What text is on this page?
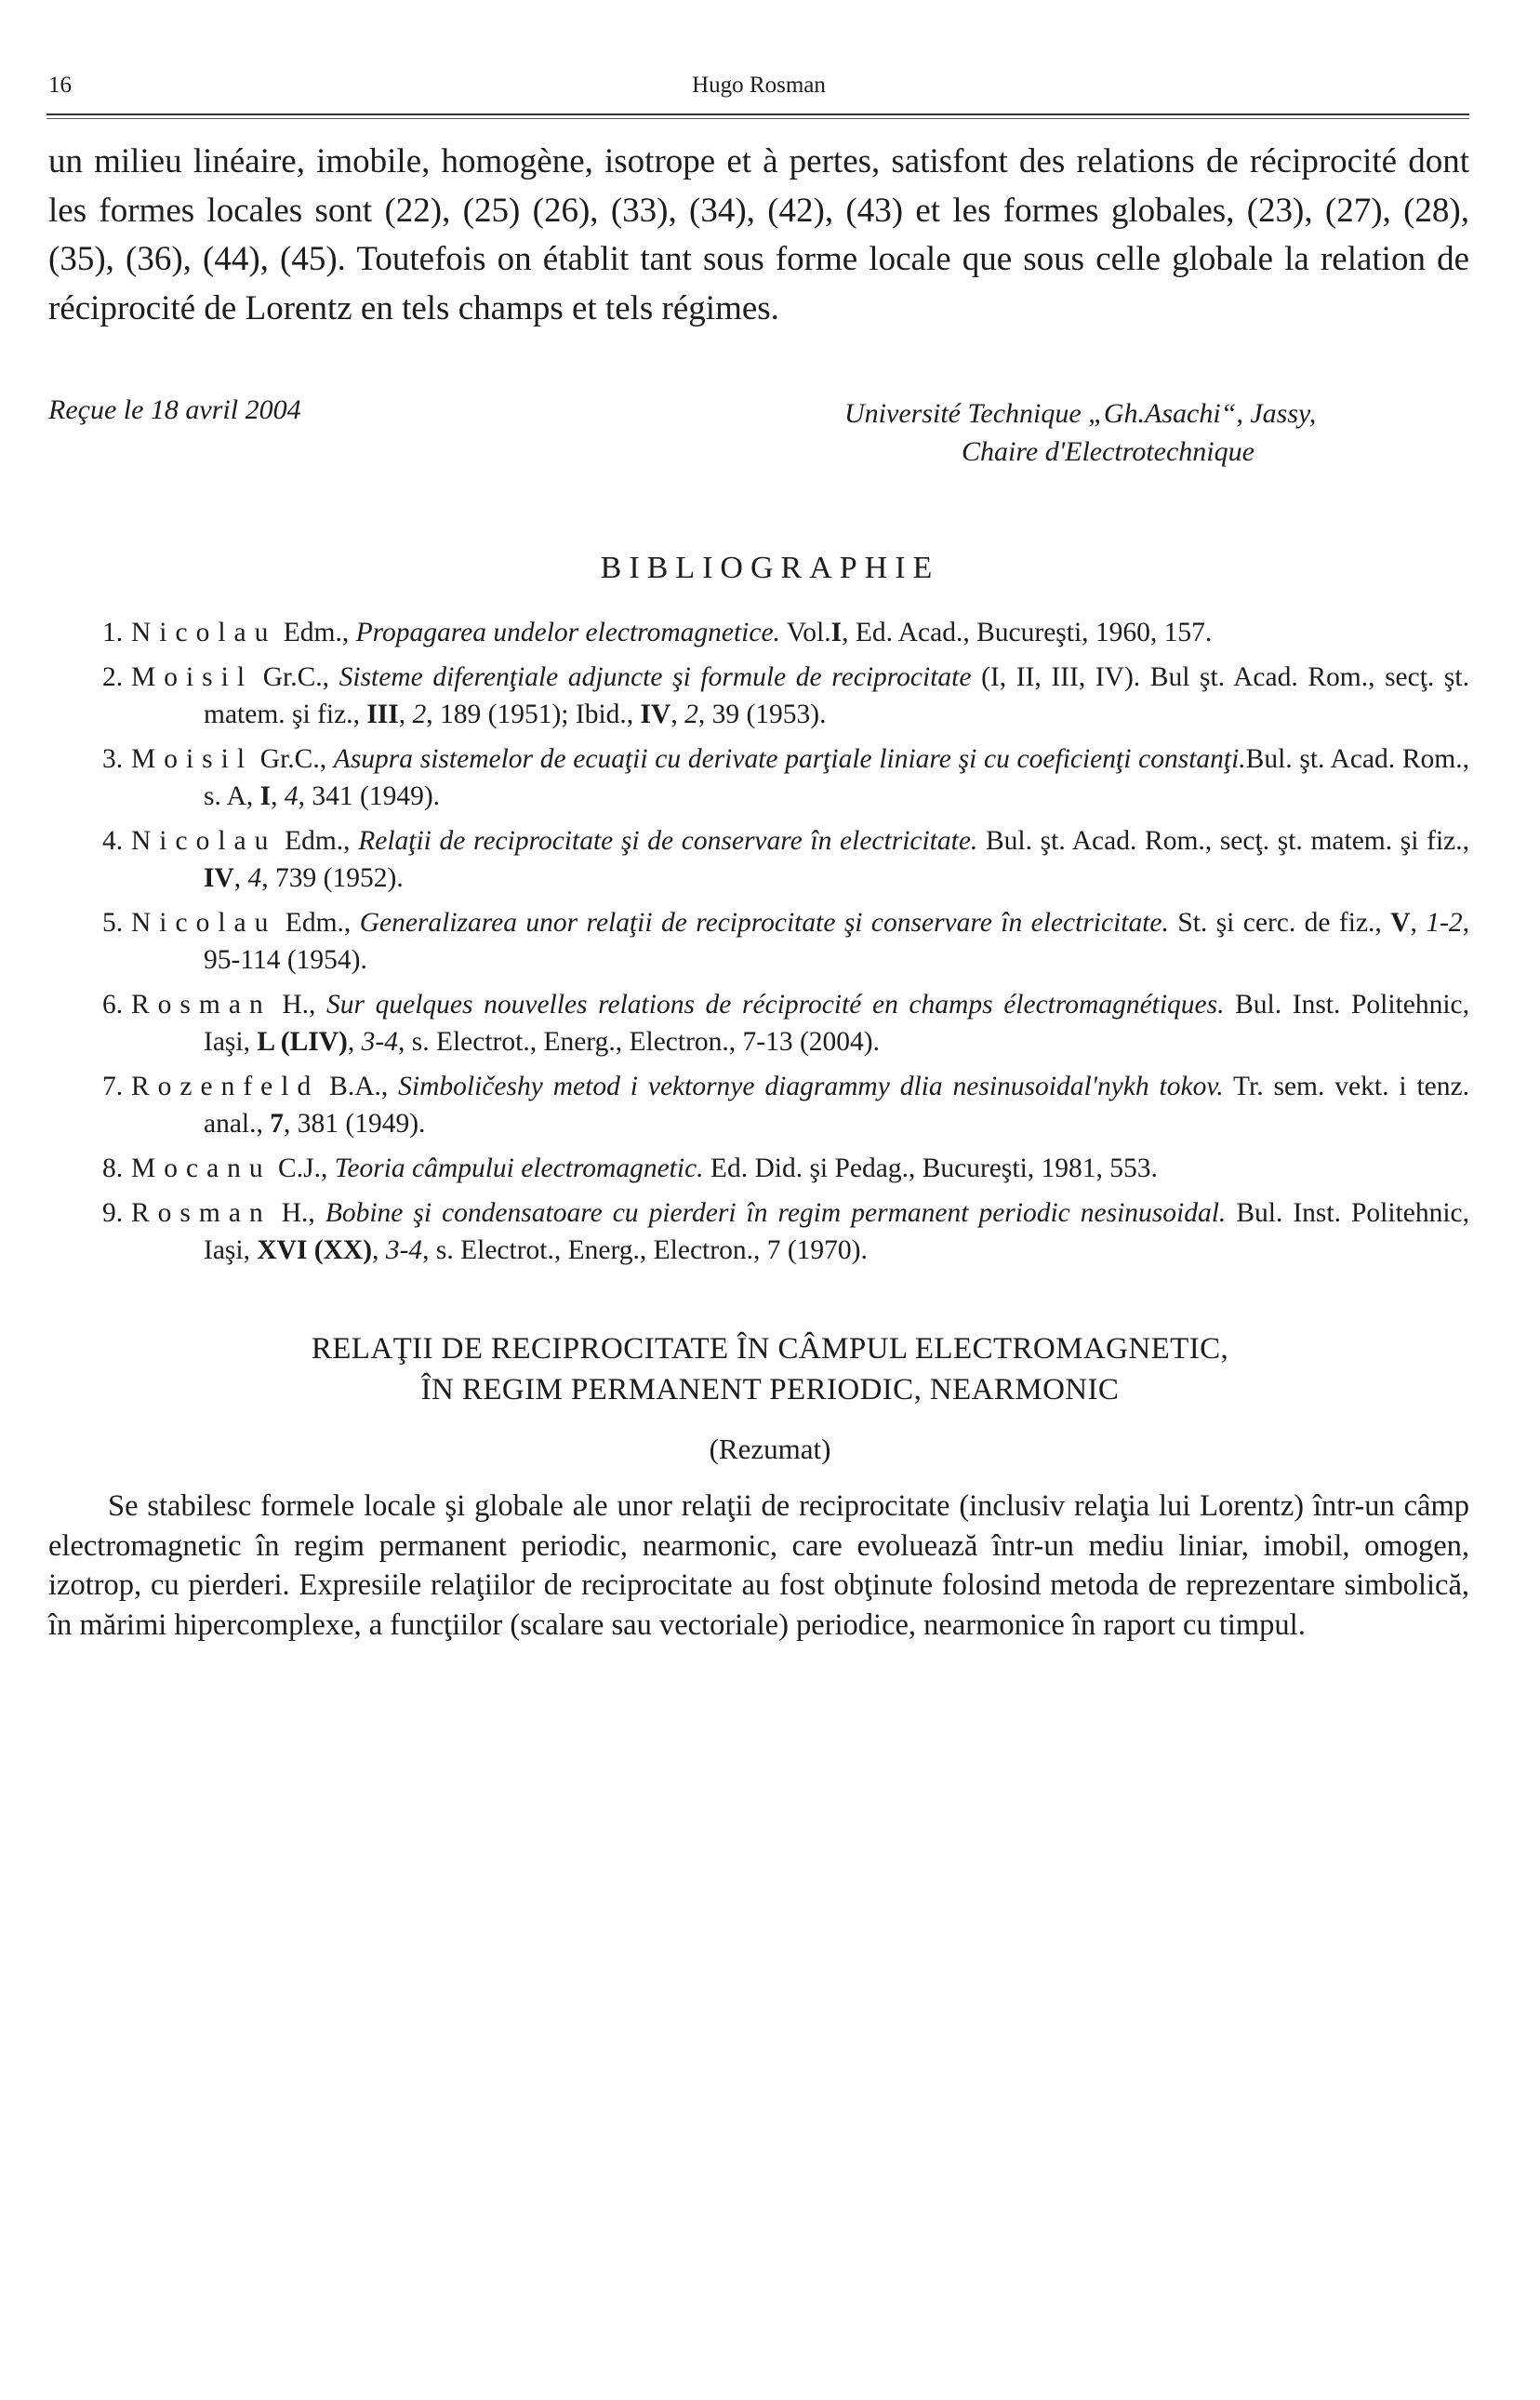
16	Hugo Rosman

un milieu linéaire, imobile, homogène, isotrope et à pertes, satisfont des relations de réciprocité dont les formes locales sont (22), (25) (26), (33), (34), (42), (43) et les formes globales, (23), (27), (28), (35), (36), (44), (45). Toutefois on établit tant sous forme locale que sous celle globale la relation de réciprocité de Lorentz en tels champs et tels régimes.

Reçue le 18 avril 2004	Université Technique „Gh.Asachi“, Jassy,
Chaire d'Electrotechnique
BIBLIOGRAPHIE
1. Nicolau Edm., Propagarea undelor electromagnetice. Vol.I, Ed. Acad., Bucureşti, 1960, 157.
2. Moisil Gr.C., Sisteme diferenţiale adjuncte şi formule de reciprocitate (I, II, III, IV). Bul şt. Acad. Rom., secţ. şt. matem. şi fiz., III, 2, 189 (1951); Ibid., IV, 2, 39 (1953).
3. Moisil Gr.C., Asupra sistemelor de ecuaţii cu derivate parţiale liniare şi cu coeficienţi constanţi.Bul. şt. Acad. Rom., s. A, I, 4, 341 (1949).
4. Nicolau Edm., Relaţii de reciprocitate şi de conservare în electricitate. Bul. şt. Acad. Rom., secţ. şt. matem. şi fiz., IV, 4, 739 (1952).
5. Nicolau Edm., Generalizarea unor relaţii de reciprocitate şi conservare în electricitate. St. şi cerc. de fiz., V, 1-2, 95-114 (1954).
6. Rosman H., Sur quelques nouvelles relations de réciprocité en champs électromagnétiques. Bul. Inst. Politehnic, Iaşi, L (LIV), 3-4, s. Electrot., Energ., Electron., 7-13 (2004).
7. Rozenfeld B.A., Simboličeshy metod i vektornye diagrammy dlia nesinusoidal'nykh tokov. Tr. sem. vekt. i tenz. anal., 7, 381 (1949).
8. Mocanu C.J., Teoria câmpului electromagnetic. Ed. Did. şi Pedag., Bucureşti, 1981, 553.
9. Rosman H., Bobine şi condensatoare cu pierderi în regim permanent periodic nesinusoidal. Bul. Inst. Politehnic, Iaşi, XVI (XX), 3-4, s. Electrot., Energ., Electron., 7 (1970).
RELAŢII DE RECIPROCITATE ÎN CÂMPUL ELECTROMAGNETIC,
ÎN REGIM PERMANENT PERIODIC, NEARMONIC
(Rezumat)

Se stabilesc formele locale şi globale ale unor relaţii de reciprocitate (inclusiv relaţia lui Lorentz) într-un câmp electromagnetic în regim permanent periodic, nearmonic, care evoluează într-un mediu liniar, imobil, omogen, izotrop, cu pierderi. Expresiile relaţiilor de reciprocitate au fost obţinute folosind metoda de reprezentare simbolică, în mărimi hipercomplexe, a funcţiilor (scalare sau vectoriale) periodice, nearmonice în raport cu timpul.
